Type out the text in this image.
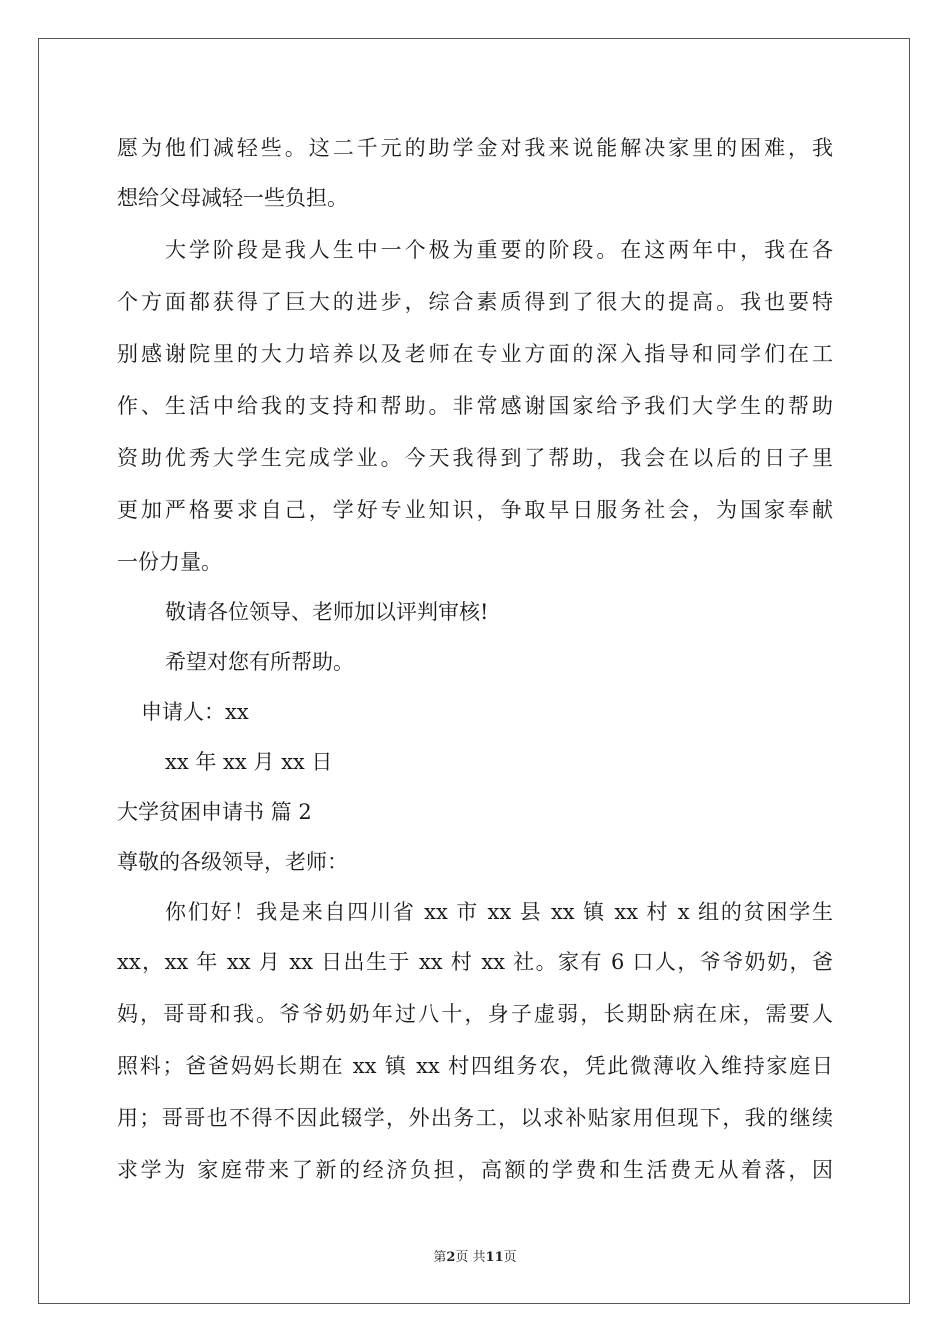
愿为他们减轻些。这二千元的助学金对我来说能解决家里的困难，我
想给父母减轻一些负担。
大学阶段是我人生中一个极为重要的阶段。在这两年中，我在各
个方面都获得了巨大的进步，综合素质得到了很大的提高。我也要特
别感谢院里的大力培养以及老师在专业方面的深入指导和同学们在工
作、生活中给我的支持和帮助。非常感谢国家给予我们大学生的帮助
资助优秀大学生完成学业。今天我得到了帮助，我会在以后的日子里
更加严格要求自己，学好专业知识，争取早日服务社会，为国家奉献
一份力量。
敬请各位领导、老师加以评判审核!
希望对您有所帮助。
申请人：xx
xx 年 xx 月 xx 日
大学贫困申请书 篇 2
尊敬的各级领导，老师：
你们好！我是来自四川省 xx 市 xx 县 xx 镇 xx 村 x 组的贫困学生
xx，xx 年 xx 月 xx 日出生于 xx 村 xx 社。家有 6 口人，爷爷奶奶，爸
妈，哥哥和我。爷爷奶奶年过八十，身子虚弱，长期卧病在床，需要人
照料；爸爸妈妈长期在 xx 镇 xx 村四组务农，凭此微薄收入维持家庭日
用；哥哥也不得不因此辍学，外出务工，以求补贴家用但现下，我的继续
求学为 家庭带来了新的经济负担，高额的学费和生活费无从着落，因
第2页 共11页
